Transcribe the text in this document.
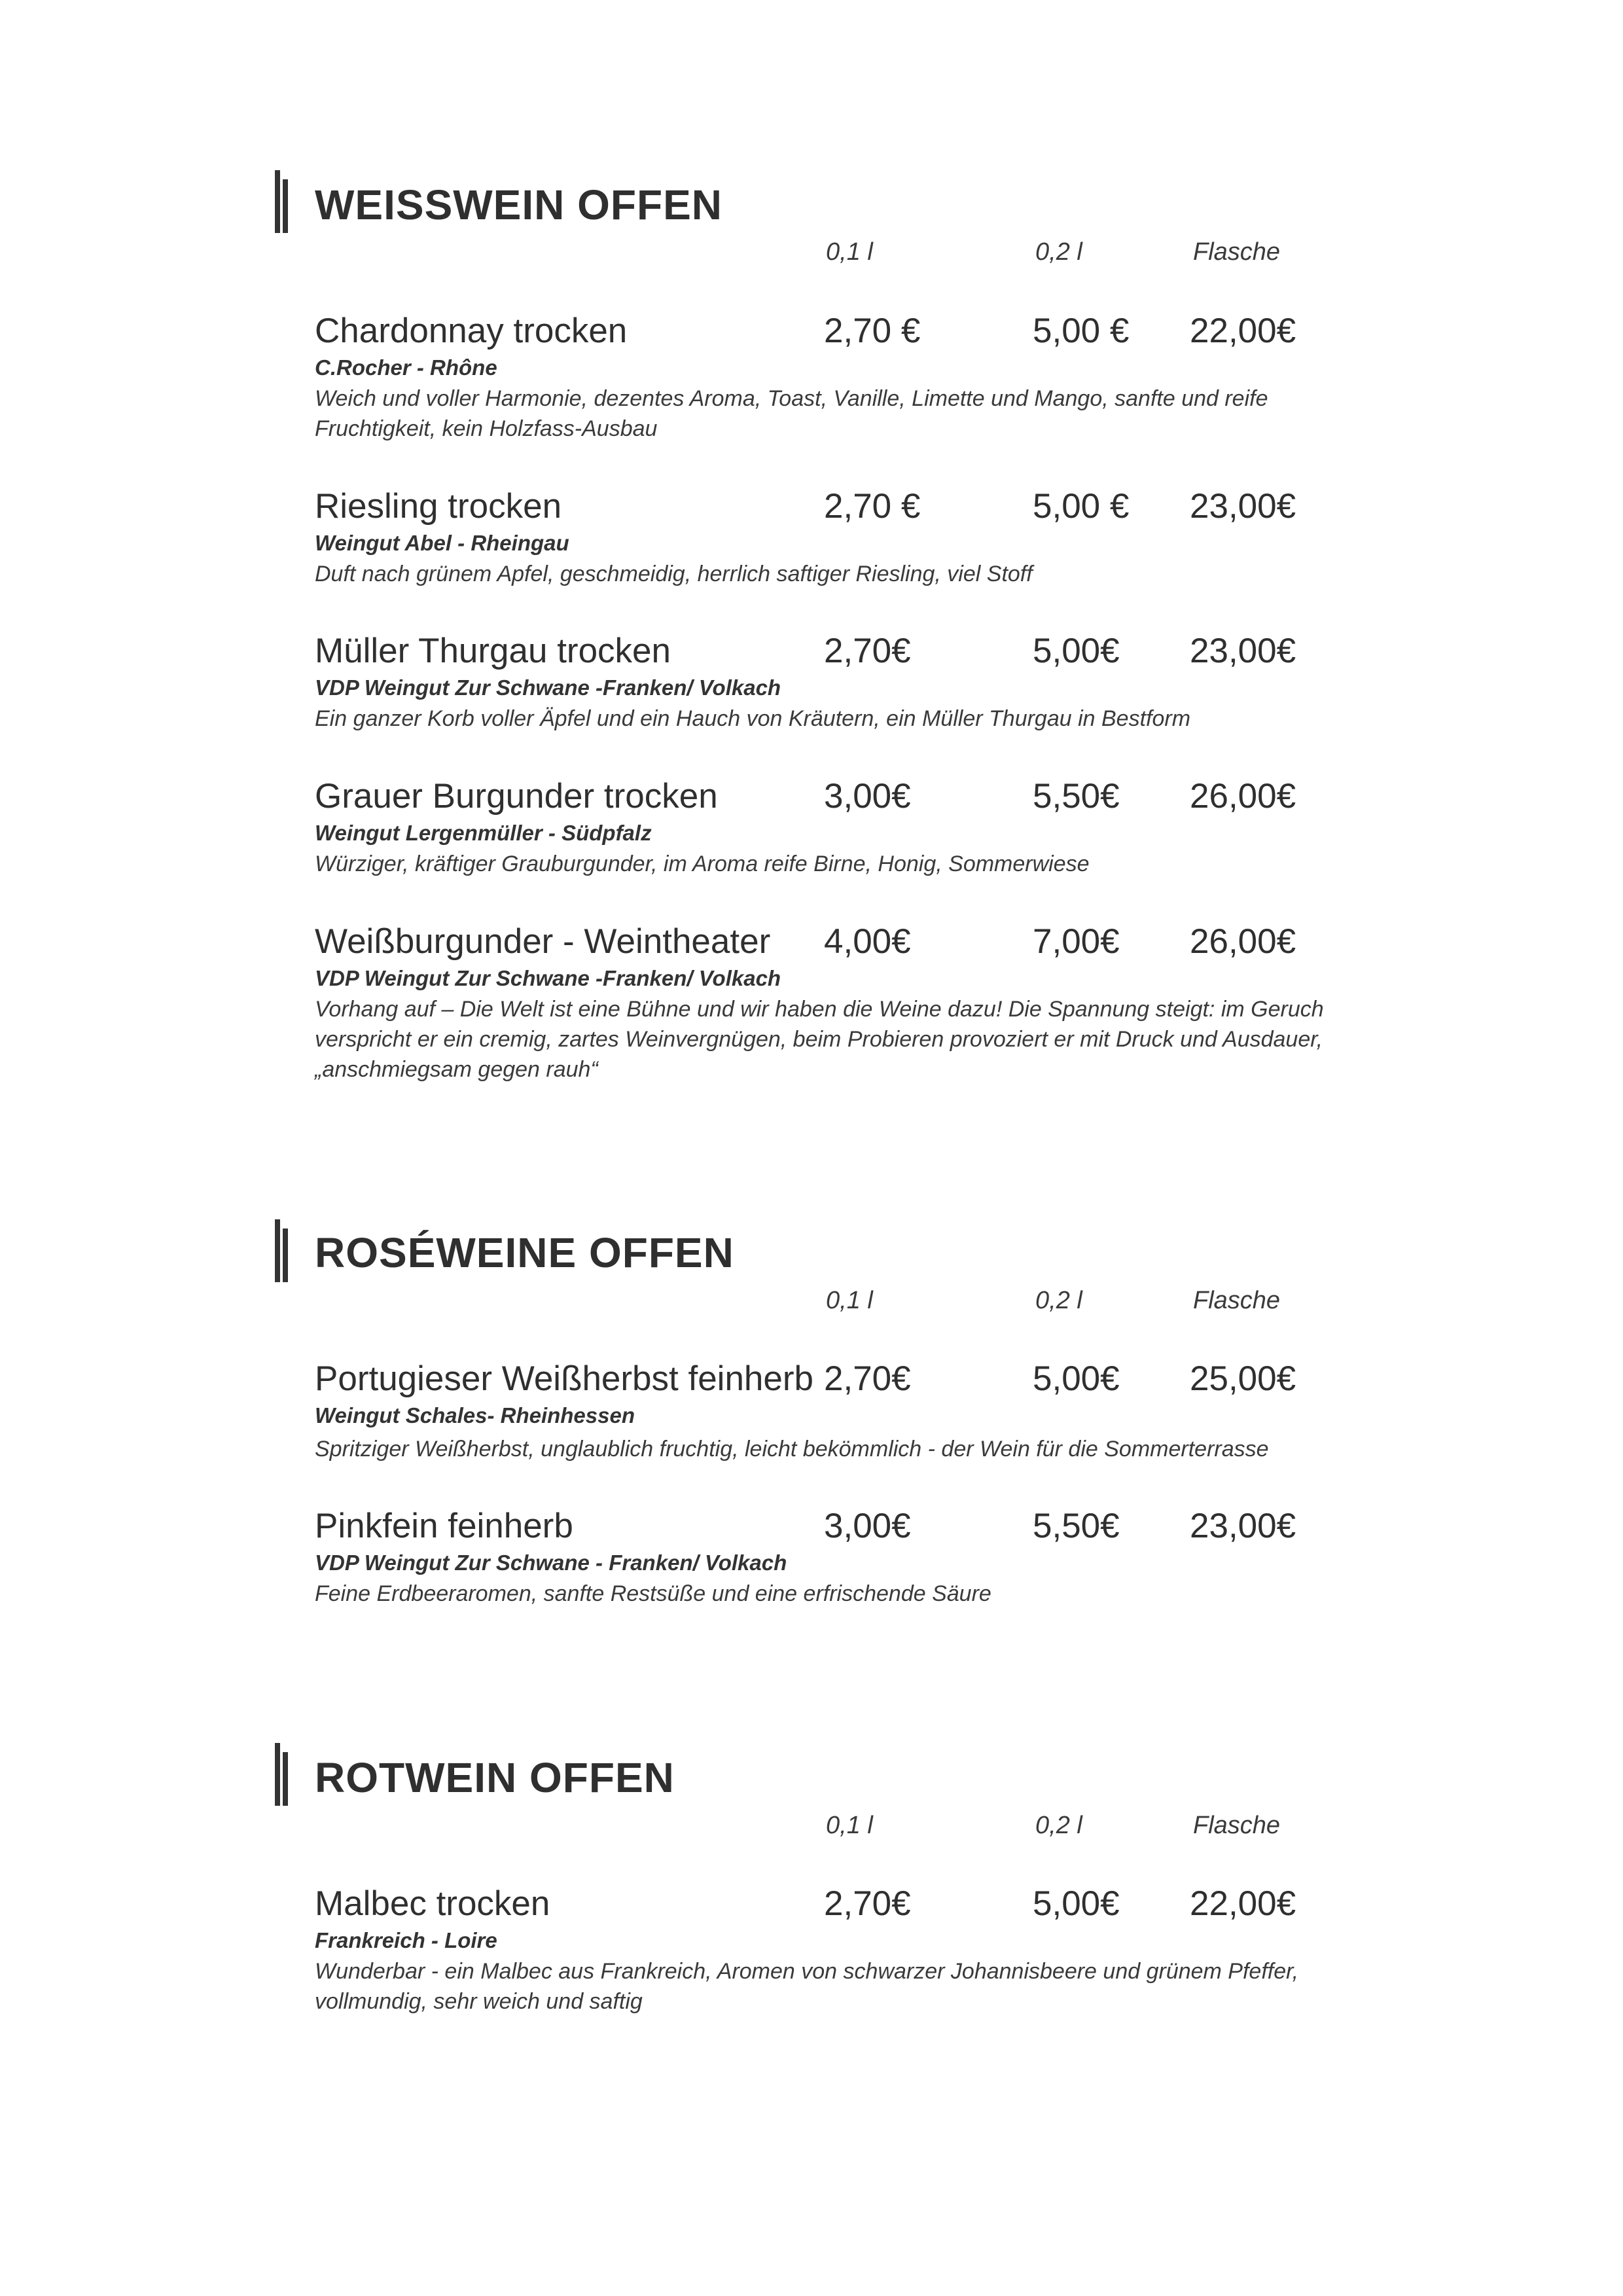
WEISSWEIN OFFEN
0,1 l	0,2 l	Flasche
Chardonnay trocken	2,70 €	5,00 € 22,00€
C.Rocher - Rhône

Weich und voller Harmonie, dezentes Aroma, Toast, Vanille, Limette und Mango, sanfte und reife Fruchtigkeit, kein Holzfass-Ausbau

Riesling trocken	2,70 €	5,00 € 23,00€
Weingut Abel - Rheingau

Duft nach grünem Apfel, geschmeidig, herrlich saftiger Riesling, viel Stoff

Müller Thurgau trocken	2,70€	5,00€ 23,00€
VDP Weingut Zur Schwane -Franken/ Volkach

Ein ganzer Korb voller Äpfel und ein Hauch von Kräutern, ein Müller Thurgau in Bestform

Grauer Burgunder trocken	3,00€	5,50€ 26,00€
Weingut Lergenmüller - Südpfalz

Würziger, kräftiger Grauburgunder, im Aroma reife Birne, Honig, Sommerwiese

Weißburgunder - Weintheater 4,00€	7,00€ 26,00€
VDP Weingut Zur Schwane -Franken/ Volkach

Vorhang auf – Die Welt ist eine Bühne und wir haben die Weine dazu! Die Spannung steigt: im Geruch verspricht er ein cremig, zartes Weinvergnügen, beim Probieren provoziert er mit Druck und Ausdauer, „anschmiegsam gegen rauh“

ROSÉWEINE OFFEN
0,1 l	0,2 l	Flasche
Portugieser Weißherbst feinherb 2,70€	5,00€ 25,00€
Weingut Schales- Rheinhessen

Spritziger Weißherbst, unglaublich fruchtig, leicht bekömmlich - der Wein für die Sommerterrasse

Pinkfein feinherb	3,00€	5,50€ 23,00€
VDP Weingut Zur Schwane - Franken/ Volkach

Feine Erdbeeraromen, sanfte Restsüße und eine erfrischende Säure

ROTWEIN OFFEN
0,1 l	0,2 l	Flasche
Malbec trocken	2,70€	5,00€ 22,00€
Frankreich - Loire

Wunderbar - ein Malbec aus Frankreich, Aromen von schwarzer Johannisbeere und grünem Pfeffer, vollmundig, sehr weich und saftig
